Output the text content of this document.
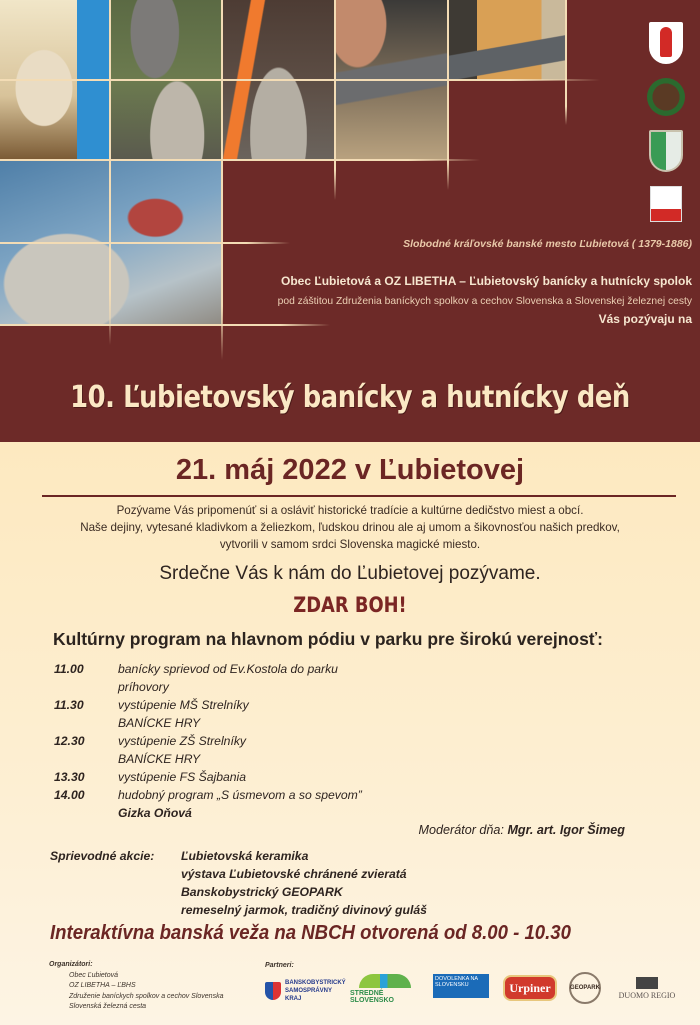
Slobodné kráľovské banské mesto Ľubietová ( 1379-1886)
Obec Ľubietová a OZ LIBETHA – Ľubietovský banícky a hutnícky spolok
pod záštitou Združenia baníckych spolkov a cechov Slovenska a Slovenskej železnej cesty
Vás pozývaju na
10. Ľubietovský banícky a hutnícky deň
21. máj 2022 v Ľubietovej
Pozývame Vás pripomenúť si a osláviť historické tradície a kultúrne dedičstvo miest a obcí.
Naše dejiny, vytesané kladivkom a želiezkom, ľudskou drinou ale aj umom a šikovnosťou našich predkov,
vytvorili v samom srdci Slovenska magické miesto.
Srdečne Vás k nám do Ľubietovej pozývame.
ZDAR BOH!
Kultúrny program na hlavnom pódiu v parku pre širokú verejnosť:
11.00	banícky sprievod od Ev.Kostola do parku
príhovory
11.30	vystúpenie MŠ Strelníky
BANÍCKE HRY
12.30	vystúpenie ZŠ Strelníky
BANÍCKE HRY
13.30	vystúpenie FS Šajbania
14.00	hudobný program „S úsmevom a so spevom”
Gizka Oňová
Moderátor dňa: Mgr. art. Igor Šimeg
Sprievodné akcie:	Ľubietovská keramika
výstava Ľubietovské chránené zvieratá
Banskobystrický GEOPARK
remeselný jarmok, tradičný divinový guláš
Interaktívna banská veža na NBCH otvorená od 8.00 - 10.30
Organizátori:
Obec Ľubietová
OZ LIBETHA – ĽBHS
Združenie baníckych spolkov a cechov Slovenska
Slovenská železná cesta
Partneri:
BANSKOBYSTRICKÝ SAMOSPRÁVNY KRAJ
STREDNÉ SLOVENSKO
DOVOLENKA NA SLOVENSKU	Urpiner	GEOPARK
DUOMO REGIO
